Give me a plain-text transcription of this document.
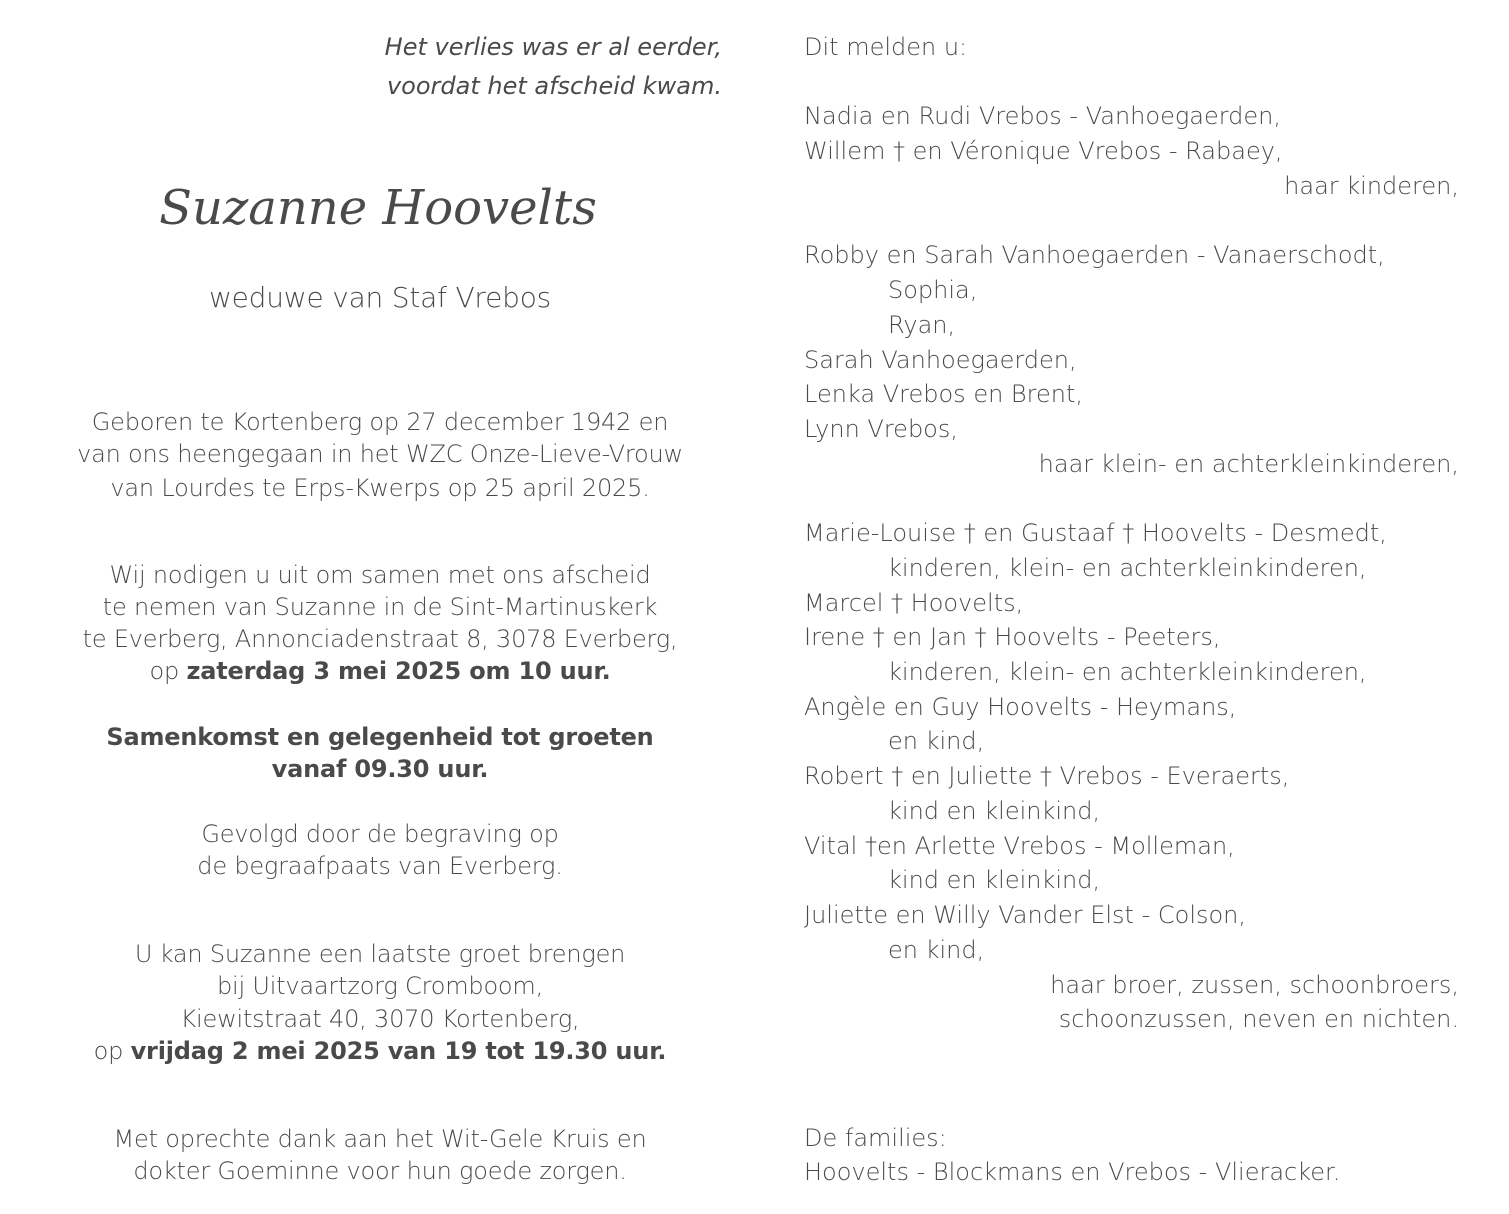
Het verlies was er al eerder,
voordat het afscheid kwam.
Suzanne Hoovelts
weduwe van Staf Vrebos
Geboren te Kortenberg op 27 december 1942 en
van ons heengegaan in het WZC Onze-Lieve-Vrouw
van Lourdes te Erps-Kwerps op 25 april 2025.
Wij nodigen u uit om samen met ons afscheid
te nemen van Suzanne in de Sint-Martinuskerk
te Everberg, Annonciadenstraat 8, 3078 Everberg,
op zaterdag 3 mei 2025 om 10 uur.
Samenkomst en gelegenheid tot groeten
vanaf 09.30 uur.
Gevolgd door de begraving op
de begraafpaats van Everberg.
U kan Suzanne een laatste groet brengen
bij Uitvaartzorg Cromboom,
Kiewitstraat 40, 3070 Kortenberg,
op vrijdag 2 mei 2025 van 19 tot 19.30 uur.
Met oprechte dank aan het Wit-Gele Kruis en
dokter Goeminne voor hun goede zorgen.
Dit melden u:
Nadia en Rudi Vrebos - Vanhoegaerden,
Willem † en Véronique Vrebos - Rabaey,
haar kinderen,
Robby en Sarah Vanhoegaerden - Vanaerschodt,
Sophia,
Ryan,
Sarah Vanhoegaerden,
Lenka Vrebos en Brent,
Lynn Vrebos,
haar klein- en achterkleinkinderen,
Marie-Louise † en Gustaaf † Hoovelts - Desmedt,
kinderen, klein- en achterkleinkinderen,
Marcel † Hoovelts,
Irene † en Jan † Hoovelts - Peeters,
kinderen, klein- en achterkleinkinderen,
Angèle en Guy Hoovelts - Heymans,
en kind,
Robert † en Juliette † Vrebos - Everaerts,
kind en kleinkind,
Vital †en Arlette Vrebos - Molleman,
kind en kleinkind,
Juliette en Willy Vander Elst - Colson,
en kind,
haar broer, zussen, schoonbroers,
schoonzussen, neven en nichten.
De families:
Hoovelts - Blockmans en Vrebos - Vlieracker.
